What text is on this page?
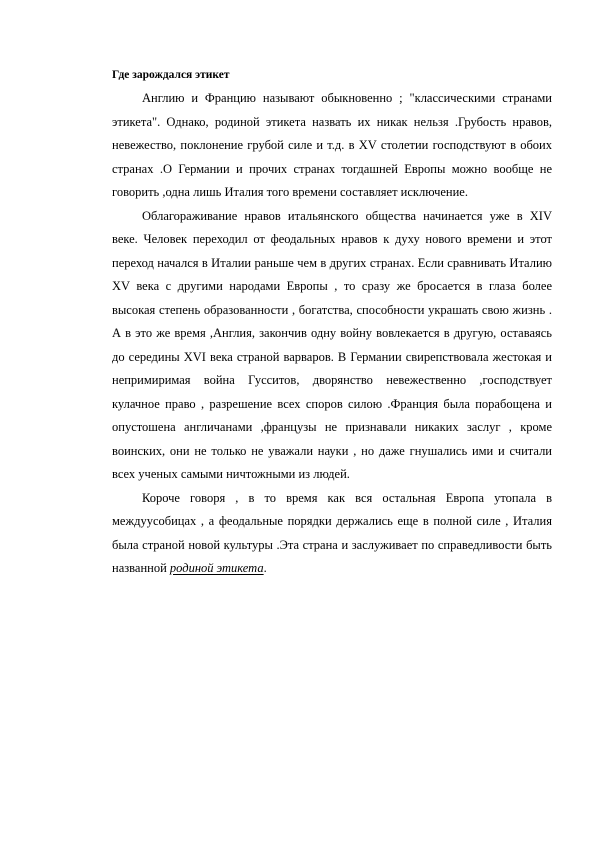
Где зарождался этикет

Англию и Францию называют обыкновенно ; "классическими странами этикета". Однако, родиной этикета назвать их никак нельзя .Грубость нравов, невежество, поклонение грубой силе и т.д. в XV столетии господствуют в обоих странах .О Германии и прочих странах тогдашней Европы можно вообще не говорить ,одна лишь Италия того времени составляет исключение.

Облагораживание нравов итальянского общества начинается уже в XIV веке. Человек переходил от феодальных нравов к духу нового времени и этот переход начался в Италии раньше чем в других странах. Если сравнивать Италию XV века с другими народами Европы , то сразу же бросается в глаза более высокая степень образованности , богатства, способности украшать свою жизнь . А в это же время ,Англия, закончив одну войну вовлекается в другую, оставаясь до середины XVI века страной варваров. В Германии свирепствовала жестокая и непримиримая война Гусситов, дворянство невежественно ,господствует кулачное право , разрешение всех споров силою .Франция была порабощена и опустошена англичанами ,французы не признавали никаких заслуг , кроме воинских, они не только не уважали науки , но даже гнушались ими и считали всех ученых самыми ничтожными из людей.

Короче говоря , в то время как вся остальная Европа утопала в междуусобицах , а феодальные порядки держались еще в полной силе , Италия была страной новой культуры .Эта страна и заслуживает по справедливости быть названной родиной этикета.
